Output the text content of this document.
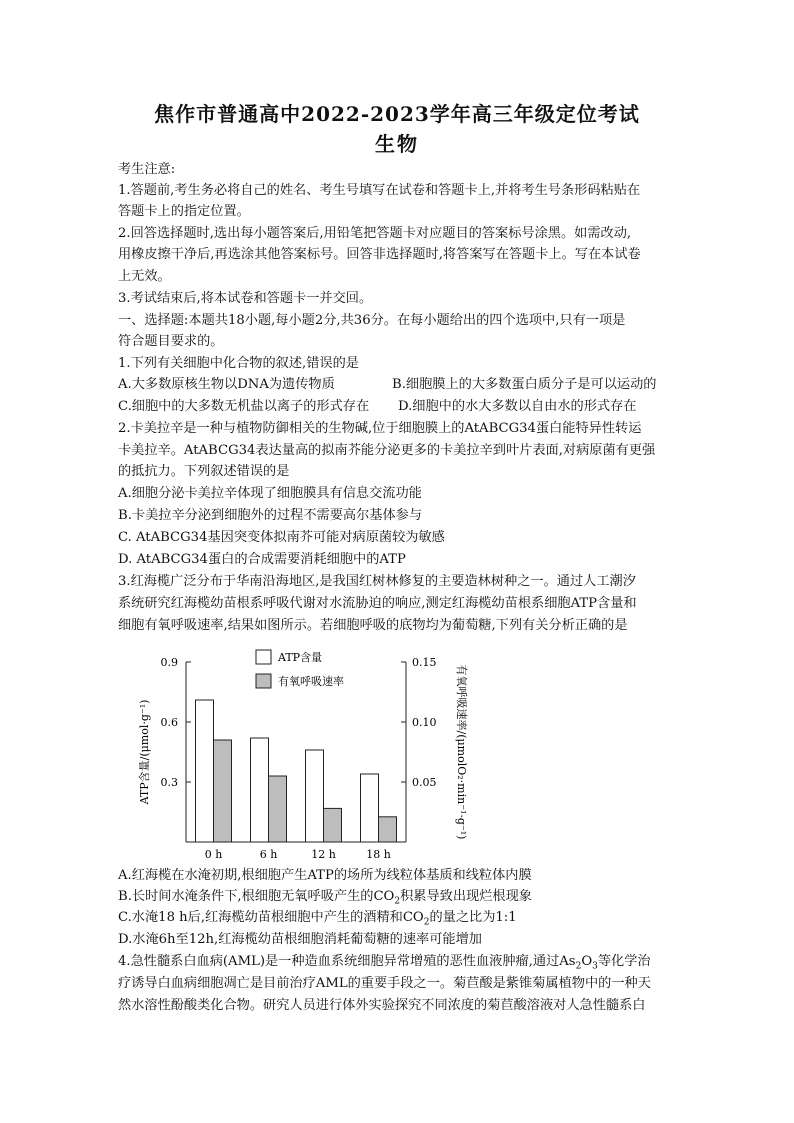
焦作市普通高中2022-2023学年高三年级定位考试
生物
考生注意:
1.答题前,考生务必将自己的姓名、考生号填写在试卷和答题卡上,并将考生号条形码粘贴在
答题卡上的指定位置。
2.回答选择题时,选出每小题答案后,用铅笔把答题卡对应题目的答案标号涂黑。如需改动,
用橡皮擦干净后,再选涂其他答案标号。回答非选择题时,将答案写在答题卡上。写在本试卷
上无效。
3.考试结束后,将本试卷和答题卡一并交回。
一、选择题:本题共18小题,每小题2分,共36分。在每小题给出的四个选项中,只有一项是
符合题目要求的。
1.下列有关细胞中化合物的叙述,错误的是
A.大多数原核生物以DNA为遗传物质	B.细胞膜上的大多数蛋白质分子是可以运动的
C.细胞中的大多数无机盐以离子的形式存在 D.细胞中的水大多数以自由水的形式存在
2.卡美拉辛是一种与植物防御相关的生物碱,位于细胞膜上的AtABCG34蛋白能特异性转运
卡美拉辛。AtABCG34表达量高的拟南芥能分泌更多的卡美拉辛到叶片表面,对病原菌有更强
的抵抗力。下列叙述错误的是
A.细胞分泌卡美拉辛体现了细胞膜具有信息交流功能
B.卡美拉辛分泌到细胞外的过程不需要高尔基体参与
C. AtABCG34基因突变体拟南芥可能对病原菌较为敏感
D. AtABCG34蛋白的合成需要消耗细胞中的ATP
3.红海榄广泛分布于华南沿海地区,是我国红树林修复的主要造林树种之一。通过人工潮汐
系统研究红海榄幼苗根系呼吸代谢对水流胁迫的响应,测定红海榄幼苗根系细胞ATP含量和
细胞有氧呼吸速率,结果如图所示。若细胞呼吸的底物均为葡萄糖,下列有关分析正确的是
ATP含量
有氧呼吸速率
ATP含量/(μmol·g⁻¹)	有氧呼吸速率/(μmolO₂·min⁻¹·g⁻¹)
0.3
0.6
0.9
0.05
0.10
0.15
0 h	6 h	12 h	18 h
A.红海榄在水淹初期,根细胞产生ATP的场所为线粒体基质和线粒体内膜
B.长时间水淹条件下,根细胞无氧呼吸产生的$CO_2$积累导致出现烂根现象
C.水淹18 h后,红海榄幼苗根细胞中产生的酒精和$CO_2$的量之比为1:1
D.水淹6h至12h,红海榄幼苗根细胞消耗葡萄糖的速率可能增加
4.急性髓系白血病(AML)是一种造血系统细胞异常增殖的恶性血液肿瘤,通过$As_2O_3$等化学治
疗诱导白血病细胞凋亡是目前治疗AML的重要手段之一。菊苣酸是紫锥菊属植物中的一种天
然水溶性酚酸类化合物。研究人员进行体外实验探究不同浓度的菊苣酸溶液对人急性髓系白
